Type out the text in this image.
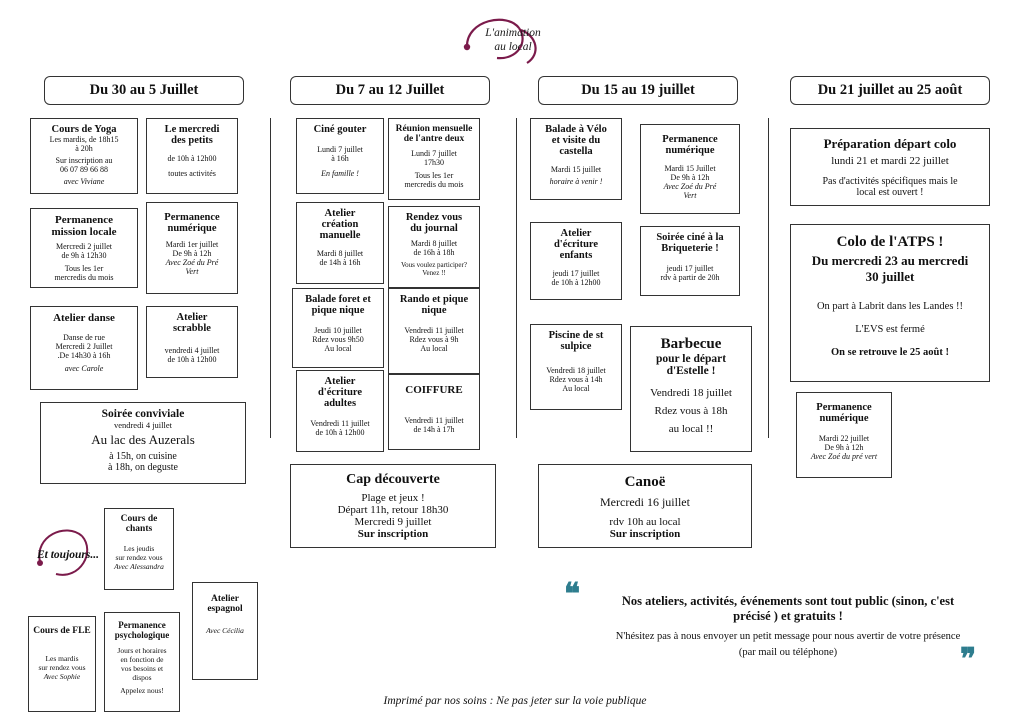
L'animation
au local
Du 30 au 5 Juillet	Du 7 au 12 Juillet	Du 15 au 19 juillet	Du 21 juillet au 25 août
Cours de Yoga
Les mardis, de 18h15
à 20h
Sur inscription au
06 07 89 66 88
avec Viviane
Le mercredi
des petits
de 10h à 12h00
toutes activités
Permanence
mission locale
Mercredi 2 juillet
de 9h à 12h30
Tous les 1er
mercredis du mois
Permanence
numérique
Mardi 1er juillet
De 9h à 12h
Avec Zoé du Pré
Vert
Atelier danse
Danse de rue
Mercredi 2 Juillet
.De 14h30 à 16h
avec Carole
Atelier
scrabble
vendredi 4 juillet
de 10h à 12h00
Soirée conviviale
vendredi 4 juillet
Au lac des Auzerals
à 15h, on cuisine
à 18h, on deguste
Ciné gouter
Lundi 7 juillet
à 16h
En famille !
Réunion mensuelle
de l'antre deux
Lundi 7 juillet
17h30
Tous les 1er
mercredis du mois
Atelier
création
manuelle
Mardi 8 juillet
de 14h à 16h
Rendez vous
du journal
Mardi 8 juillet
de 16h à 18h
Vous voulez participer?
Venez !!
Balade foret et
pique nique
Jeudi 10 juillet
Rdez vous 9h50
Au local
Rando et pique
nique
Vendredi 11 juillet
Rdez vous à 9h
Au local
Atelier
d'écriture
adultes
Vendredi 11 juillet
de 10h à 12h00
COIFFURE
Vendredi 11 juillet
de 14h à 17h
Cap découverte
Plage et jeux !
Départ 11h, retour 18h30
Mercredi 9 juillet
Sur inscription
Balade à Vélo
et visite du
castella
Mardi 15 juillet
horaire à venir !
Permanence
numérique
Mardi 15 Juillet
De 9h à 12h
Avec Zoé du Pré
Vert
Atelier
d'écriture
enfants
jeudi 17 juillet
de 10h à 12h00
Soirée ciné à la
Briqueterie !
jeudi 17 juillet
rdv à partir de 20h
Piscine de st
sulpice
Vendredi 18 juillet
Rdez vous à 14h
Au local
Barbecue
pour le départ
d'Estelle !
Vendredi 18 juillet
Rdez vous à 18h
au local !!
Canoë
Mercredi 16 juillet
rdv 10h au local
Sur inscription
Préparation départ colo
lundi 21 et mardi 22 juillet
Pas d'activités spécifiques mais le
local est ouvert !
Colo de l'ATPS !
Du mercredi 23 au mercredi
30 juillet
On part à Labrit dans les Landes !!
L'EVS est fermé
On se retrouve le 25 août !
Permanence
numérique
Mardi 22 juillet
De 9h à 12h
Avec Zoé du pré vert
Et toujours...
Cours de
chants
Les jeudis
sur rendez vous
Avec Alessandra
Atelier
espagnol
Avec Cécilia
Cours de FLE
Les mardis
sur rendez vous
Avec Sophie
Permanence
psychologique
Jours et horaires
en fonction de
vos besoins et
dispos
Appelez nous!
❝
❞
Nos ateliers, activités, événements sont tout public (sinon, c'est
précisé ) et gratuits !
N'hésitez pas à nous envoyer un petit message pour nous avertir de votre présence
(par mail ou téléphone)
Imprimé par nos soins : Ne pas jeter sur la voie publique
